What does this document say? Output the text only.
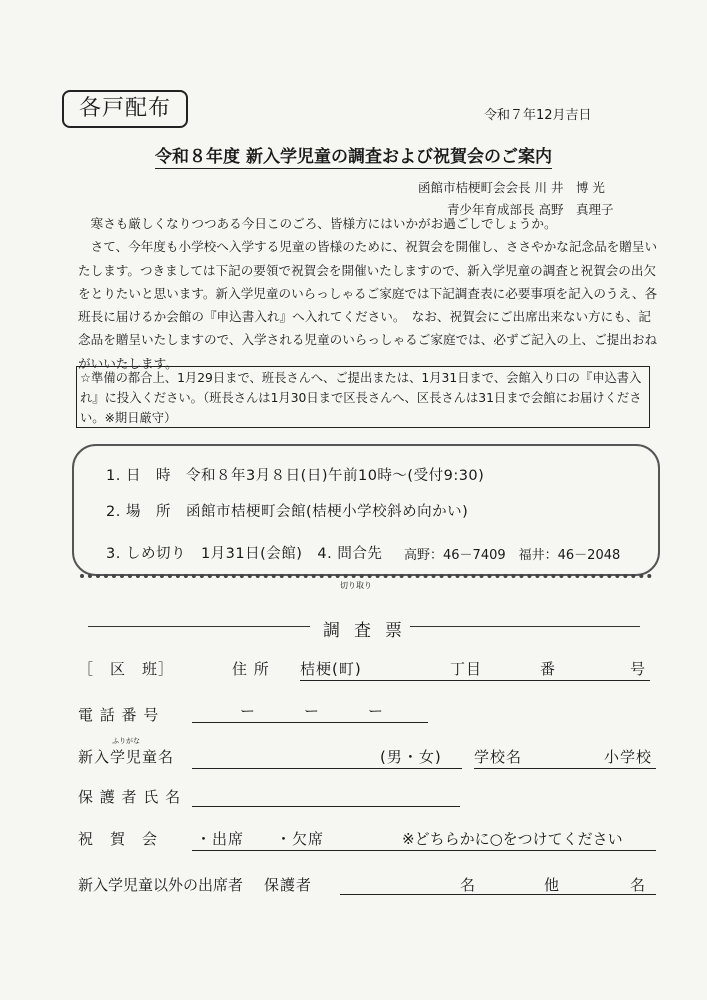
各戸配布	令和７年12月吉日
令和８年度 新入学児童の調査および祝賀会のご案内
函館市桔梗町会会長 川 井　博 光
青少年育成部長 高野　真理子

　寒さも厳しくなりつつある今日このごろ、皆様方にはいかがお過ごしでしょうか。

　さて、今年度も小学校へ入学する児童の皆様のために、祝賀会を開催し、ささやかな記念品を贈呈いたします。つきましては下記の要領で祝賀会を開催いたしますので、新入学児童の調査と祝賀会の出欠をとりたいと思います。新入学児童のいらっしゃるご家庭では下記調査表に必要事項を記入のうえ、各班長に届けるか会館の『申込書入れ』へ入れてください。　なお、祝賀会にご出席出来ない方にも、記念品を贈呈いたしますので、入学される児童のいらっしゃるご家庭では、必ずご記入の上、ご提出おねがいいたします。

☆準備の都合上、1月29日まで、班長さんへ、ご提出または、1月31日まで、会館入り口の『申込書入れ』に投入ください。（班長さんは1月30日まで区長さんへ、区長さんは31日まで会館にお届けください。※期日厳守）
1. 日　時　令和８年3月８日(日)午前10時～(受付9:30)
2. 場　所　函館市桔梗町会館(桔梗小学校斜め向かい)
3. しめ切り　1月31日(会館)　4. 問合先 高野：46－7409　福井：46－2048
切り取り
調査票
［　区　班］	住 所 桔梗(町)	丁目	番	号
電 話 番 号	ー　　　ー　　　ー
ふりがな
新入学児童名	(男・女) 学校名	小学校
保 護 者 氏 名
祝　賀　会	・出席　　・欠席	※どちらかに○をつけてください
新入学児童以外の出席者 保護者	名	他	名
